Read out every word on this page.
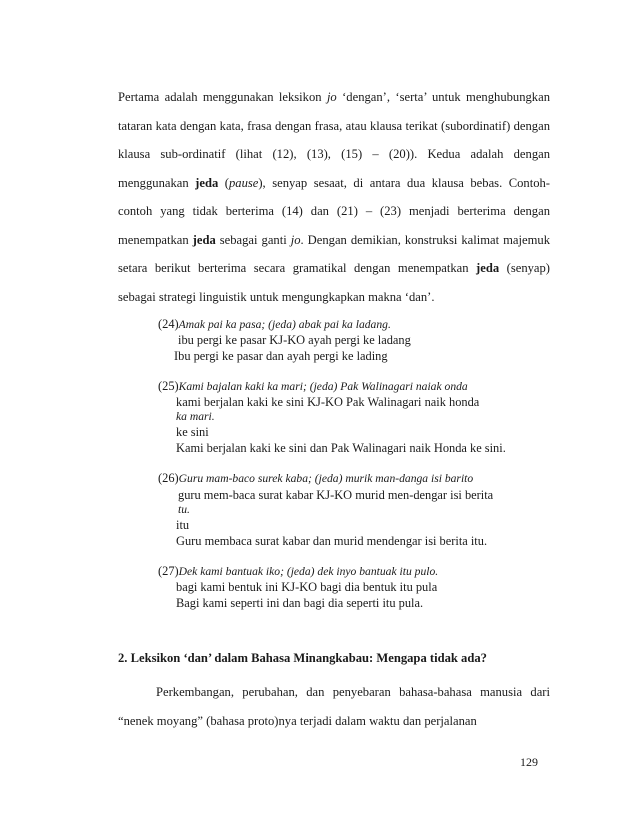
Pertama adalah menggunakan leksikon jo ‘dengan’, ‘serta’ untuk menghubungkan tataran kata dengan kata, frasa dengan frasa, atau klausa terikat (subordinatif) dengan klausa sub-ordinatif (lihat (12), (13), (15) – (20)). Kedua adalah dengan menggunakan jeda (pause), senyap sesaat, di antara dua klausa bebas. Contoh-contoh yang tidak berterima (14) dan (21) – (23) menjadi berterima dengan menempatkan jeda sebagai ganti jo. Dengan demikian, konstruksi kalimat majemuk setara berikut berterima secara gramatikal dengan menempatkan jeda (senyap) sebagai strategi linguistik untuk mengungkapkan makna ‘dan’.

(24)Amak pai ka pasa; (jeda) abak pai ka ladang.
ibu pergi ke pasar KJ-KO ayah pergi ke ladang
Ibu pergi ke pasar dan ayah pergi ke lading
(25)Kami bajalan kaki ka mari; (jeda) Pak Walinagari naiak onda
kami berjalan kaki ke sini KJ-KO Pak Walinagari naik honda
ka mari.
ke sini
Kami berjalan kaki ke sini dan Pak Walinagari naik Honda ke sini.
(26)Guru mam-baco surek kaba; (jeda) murik man-danga isi barito
guru mem-baca surat kabar KJ-KO murid men-dengar isi berita
tu.
itu
Guru membaca surat kabar dan murid mendengar isi berita itu.
(27)Dek kami bantuak iko; (jeda) dek inyo bantuak itu pulo.
bagi kami bentuk ini KJ-KO bagi dia bentuk itu pula
Bagi kami seperti ini dan bagi dia seperti itu pula.
2. Leksikon ‘dan’ dalam Bahasa Minangkabau: Mengapa tidak ada?

Perkembangan, perubahan, dan penyebaran bahasa-bahasa manusia dari “nenek moyang” (bahasa proto)nya terjadi dalam waktu dan perjalanan

129
